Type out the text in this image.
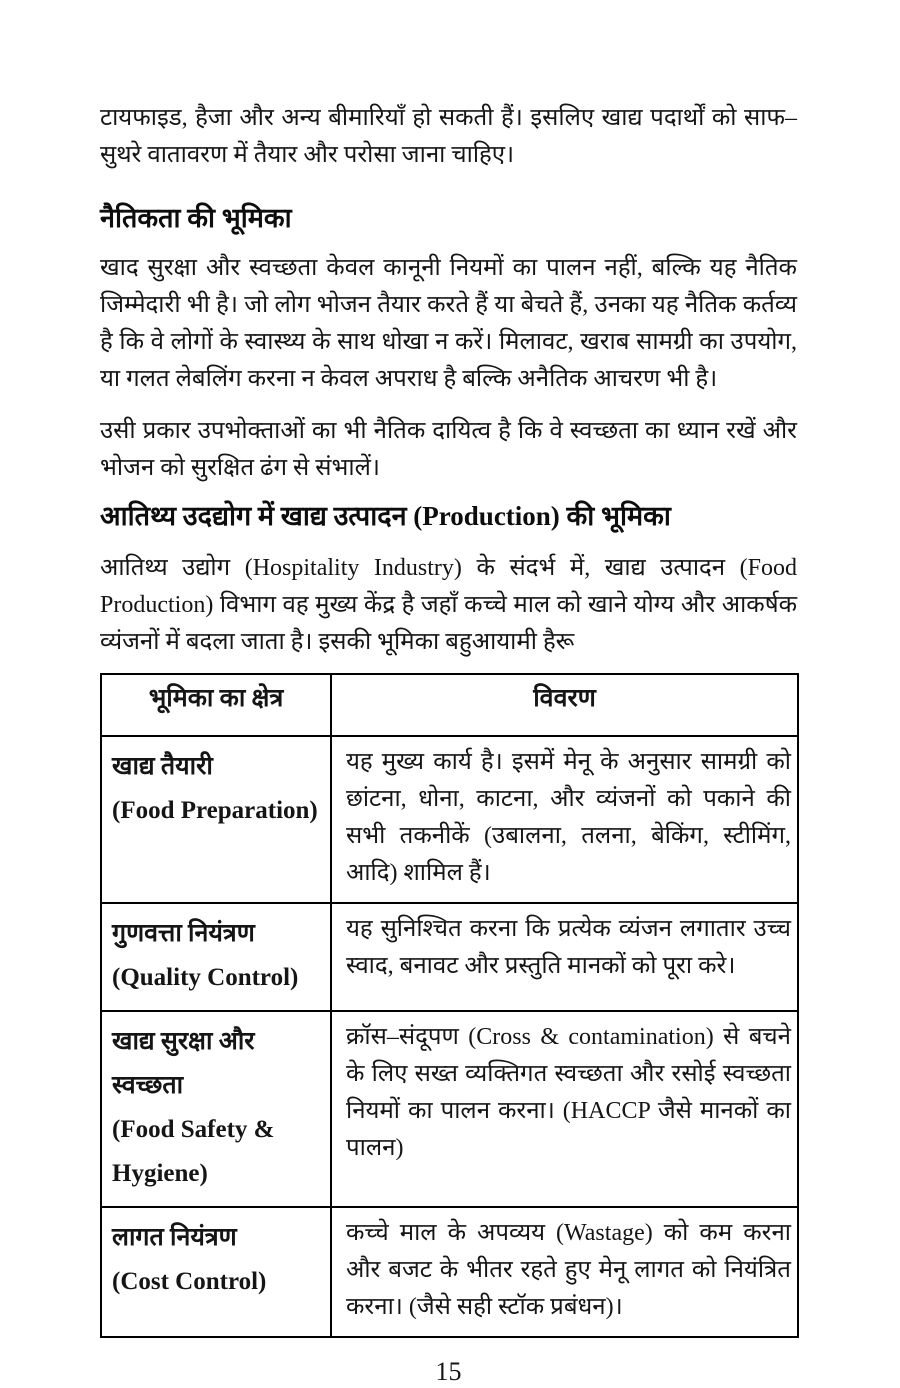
टायफाइड, हैजा और अन्य बीमारियाँ हो सकती हैं। इसलिए खाद्य पदार्थों को साफ–सुथरे वातावरण में तैयार और परोसा जाना चाहिए।

नैतिकता की भूमिका

खाद सुरक्षा और स्वच्छता केवल कानूनी नियमों का पालन नहीं, बल्कि यह नैतिक जिम्मेदारी भी है। जो लोग भोजन तैयार करते हैं या बेचते हैं, उनका यह नैतिक कर्तव्य है कि वे लोगों के स्वास्थ्य के साथ धोखा न करें। मिलावट, खराब सामग्री का उपयोग, या गलत लेबलिंग करना न केवल अपराध है बल्कि अनैतिक आचरण भी है।

उसी प्रकार उपभोक्ताओं का भी नैतिक दायित्व है कि वे स्वच्छता का ध्यान रखें और भोजन को सुरक्षित ढंग से संभालें।

आतिथ्य उदद्योग में खाद्य उत्पादन (Production) की भूमिका

आतिथ्य उद्योग (Hospitality Industry) के संदर्भ में, खाद्य उत्पादन (Food Production) विभाग वह मुख्य केंद्र है जहाँ कच्चे माल को खाने योग्य और आकर्षक व्यंजनों में बदला जाता है। इसकी भूमिका बहुआयामी हैरू

भूमिका का क्षेत्र	विवरण

खाद्य तैयारी
(Food Preparation)	यह मुख्य कार्य है। इसमें मेनू के अनुसार सामग्री को छांटना, धोना, काटना, और व्यंजनों को पकाने की सभी तकनीकें (उबालना, तलना, बेकिंग, स्टीमिंग, आदि) शामिल हैं।

गुणवत्ता नियंत्रण
(Quality Control)	यह सुनिश्चित करना कि प्रत्येक व्यंजन लगातार उच्च स्वाद, बनावट और प्रस्तुति मानकों को पूरा करे।

खाद्य सुरक्षा और स्वच्छता
(Food Safety & Hygiene)	क्रॉस–संदूपण (Cross & contamination) से बचने के लिए सख्त व्यक्तिगत स्वच्छता और रसोई स्वच्छता नियमों का पालन करना। (HACCP जैसे मानकों का पालन)

लागत नियंत्रण
(Cost Control)	कच्चे माल के अपव्यय (Wastage) को कम करना और बजट के भीतर रहते हुए मेनू लागत को नियंत्रित करना। (जैसे सही स्टॉक प्रबंधन)।
15
